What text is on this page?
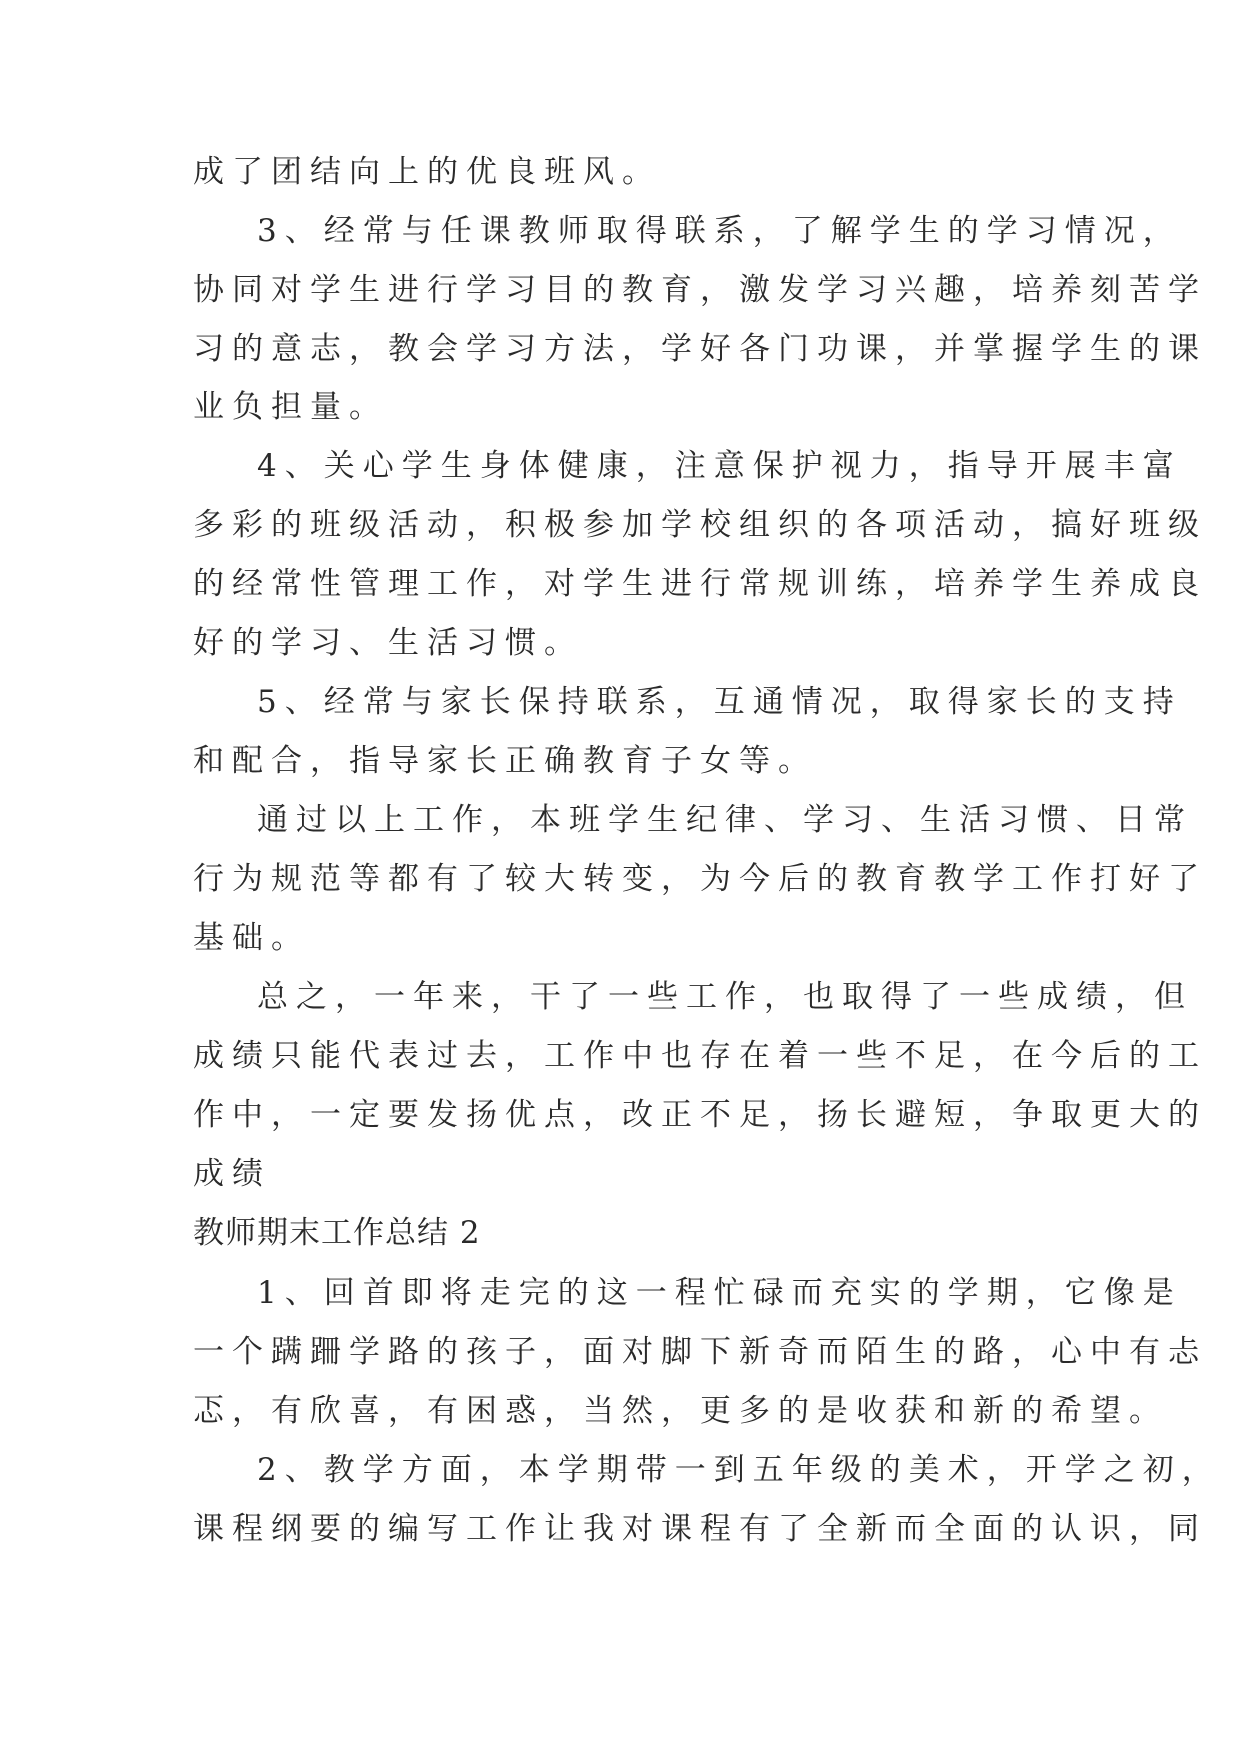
成了团结向上的优良班风。
3、经常与任课教师取得联系，了解学生的学习情况，
协同对学生进行学习目的教育，激发学习兴趣，培养刻苦学
习的意志，教会学习方法，学好各门功课，并掌握学生的课
业负担量。
4、关心学生身体健康，注意保护视力，指导开展丰富
多彩的班级活动，积极参加学校组织的各项活动，搞好班级
的经常性管理工作，对学生进行常规训练，培养学生养成良
好的学习、生活习惯。
5、经常与家长保持联系，互通情况，取得家长的支持
和配合，指导家长正确教育子女等。
通过以上工作，本班学生纪律、学习、生活习惯、日常
行为规范等都有了较大转变，为今后的教育教学工作打好了
基础。
总之，一年来，干了一些工作，也取得了一些成绩，但
成绩只能代表过去，工作中也存在着一些不足，在今后的工
作中，一定要发扬优点，改正不足，扬长避短，争取更大的
成绩
教师期末工作总结 2
1、回首即将走完的这一程忙碌而充实的学期，它像是
一个蹒跚学路的孩子，面对脚下新奇而陌生的路，心中有忐
忑，有欣喜，有困惑，当然，更多的是收获和新的希望。
2、教学方面，本学期带一到五年级的美术，开学之初，
课程纲要的编写工作让我对课程有了全新而全面的认识，同
